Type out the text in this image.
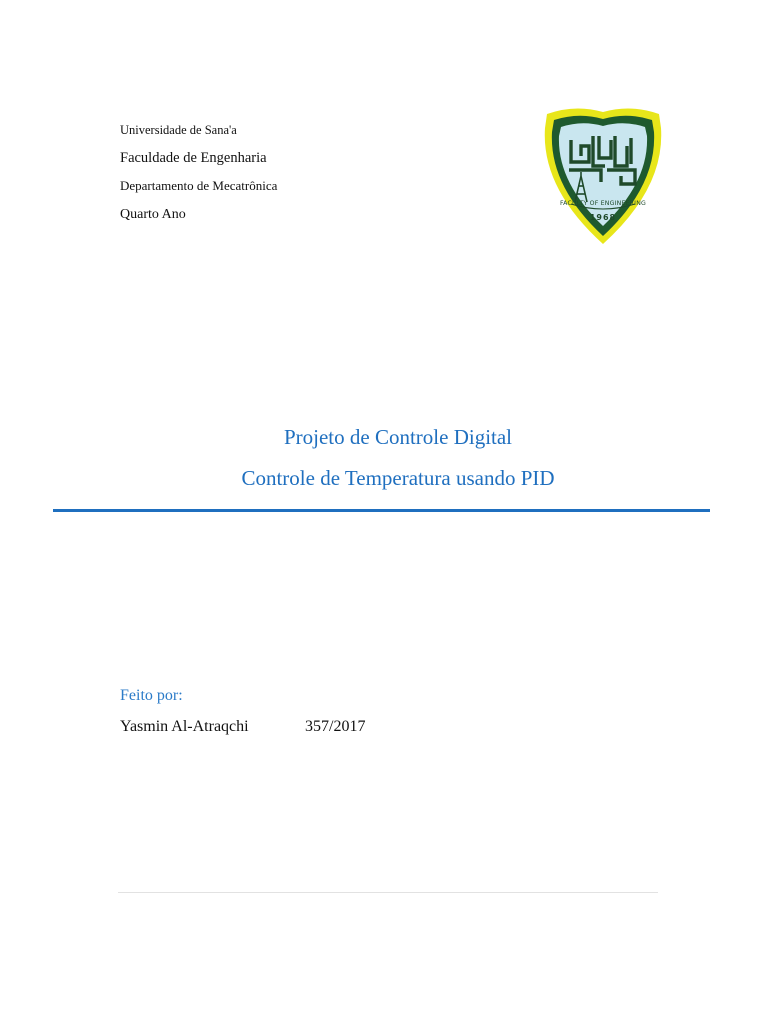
Universidade de Sana'a
Faculdade de Engenharia
Departamento de Mecatrônica
Quarto Ano
FACULTY OF ENGINEERING
1968
Projeto de Controle Digital
Controle de Temperatura usando PID
Feito por:
Yasmin Al-Atraqchi	357/2017
